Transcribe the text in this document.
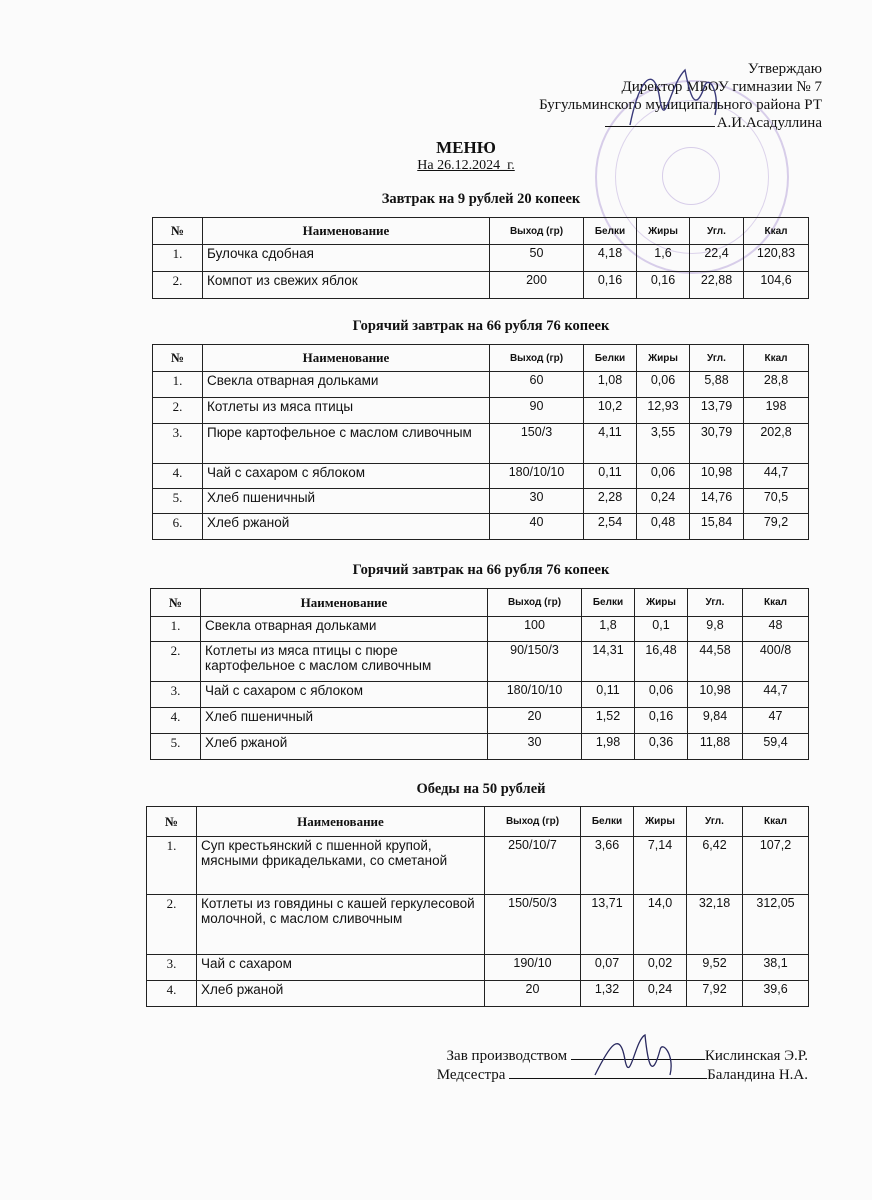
Утверждаю
Директор МБОУ гимназии № 7
Бугульминского муниципального района РТ
А.И.Асадуллина
МЕНЮ
На 26.12.2024_г.
Завтрак на 9 рублей 20 копеек
Горячий завтрак на 66 рубля 76 копеек
Горячий завтрак на 66 рубля 76 копеек
Обеды на 50 рублей
№	Наименование	Выход (гр)	Белки	Жиры	Угл.	Ккал
1.	Булочка сдобная	50	4,18	1,6	22,4	120,83
2.	Компот из свежих яблок	200	0,16	0,16	22,88	104,6
№	Наименование	Выход (гр)	Белки	Жиры	Угл.	Ккал
1.	Свекла отварная дольками	60	1,08	0,06	5,88	28,8
2.	Котлеты из мяса птицы	90	10,2	12,93	13,79	198
3.	Пюре картофельное с маслом сливочным	150/3	4,11	3,55	30,79	202,8
4.	Чай с сахаром с яблоком	180/10/10	0,11	0,06	10,98	44,7
5.	Хлеб пшеничный	30	2,28	0,24	14,76	70,5
6.	Хлеб ржаной	40	2,54	0,48	15,84	79,2
№	Наименование	Выход (гр)	Белки	Жиры	Угл.	Ккал
1.	Свекла отварная дольками	100	1,8	0,1	9,8	48
2.	Котлеты из мяса птицы с пюре картофельное с маслом сливочным	90/150/3	14,31	16,48	44,58	400/8
3.	Чай с сахаром с яблоком	180/10/10	0,11	0,06	10,98	44,7
4.	Хлеб пшеничный	20	1,52	0,16	9,84	47
5.	Хлеб ржаной	30	1,98	0,36	11,88	59,4
№	Наименование	Выход (гр)	Белки	Жиры	Угл.	Ккал
1.	Суп крестьянский с пшенной крупой, мясными фрикадельками, со сметаной	250/10/7	3,66	7,14	6,42	107,2
2.	Котлеты из говядины с кашей геркулесовой молочной, с маслом сливочным	150/50/3	13,71	14,0	32,18	312,05
3.	Чай с сахаром	190/10	0,07	0,02	9,52	38,1
4.	Хлеб ржаной	20	1,32	0,24	7,92	39,6
Зав производством	Кислинская Э.Р.
Медсестра	Баландина Н.А.
